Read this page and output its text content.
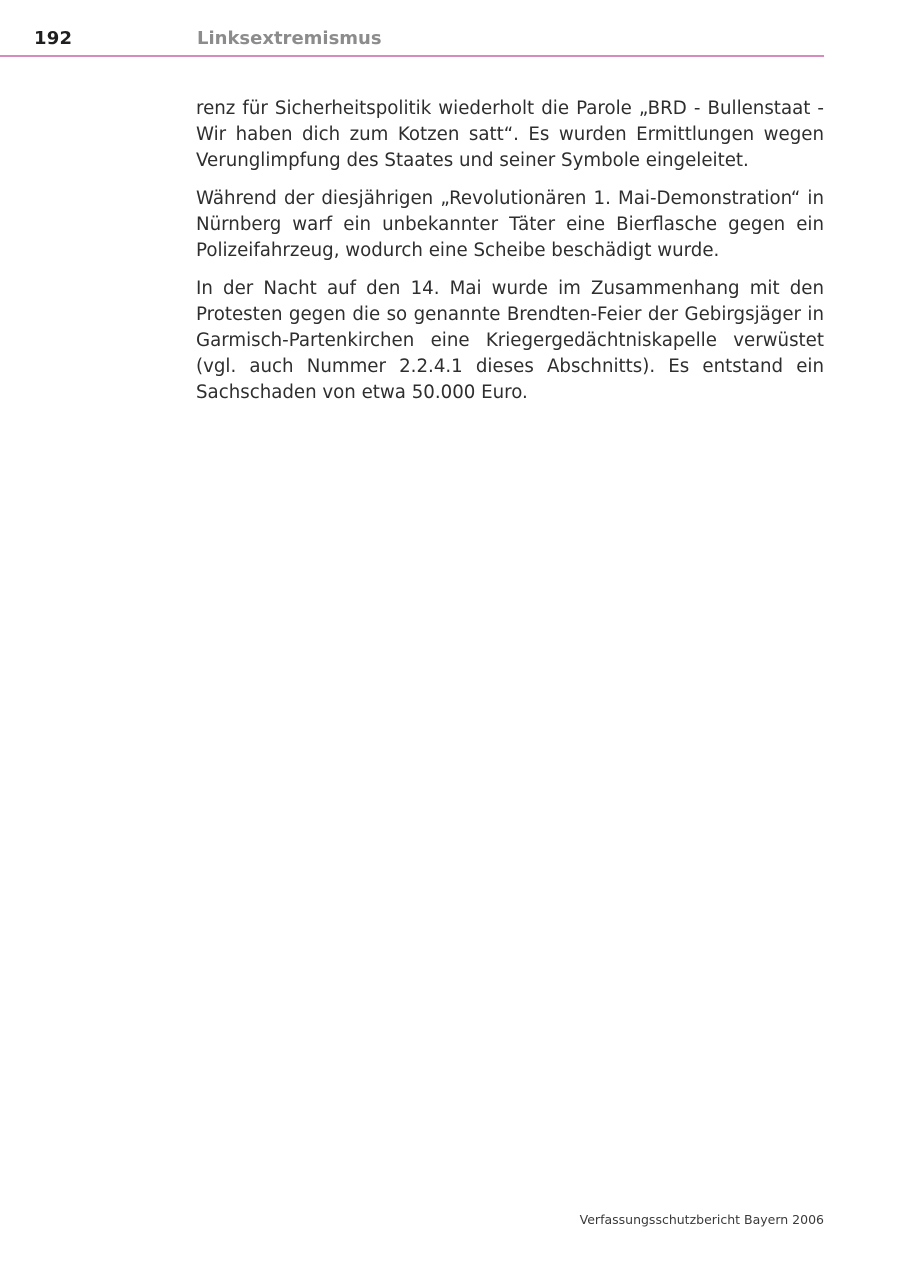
192	Linksextremismus

renz für Sicherheitspolitik wiederholt die Parole „BRD - Bullenstaat - Wir haben dich zum Kotzen satt“. Es wurden Ermittlungen wegen Verunglimpfung des Staates und seiner Symbole eingeleitet.

Während der diesjährigen „Revolutionären 1. Mai-Demonstration“ in Nürnberg warf ein unbekannter Täter eine Bierflasche gegen ein Polizeifahrzeug, wodurch eine Scheibe beschädigt wurde.

In der Nacht auf den 14. Mai wurde im Zusammenhang mit den Protesten gegen die so genannte Brendten-Feier der Gebirgsjäger in Garmisch-Partenkirchen eine Kriegergedächtniskapelle verwüstet (vgl. auch Nummer 2.2.4.1 dieses Abschnitts). Es entstand ein Sachschaden von etwa 50.000 Euro.

Verfassungsschutzbericht Bayern 2006
